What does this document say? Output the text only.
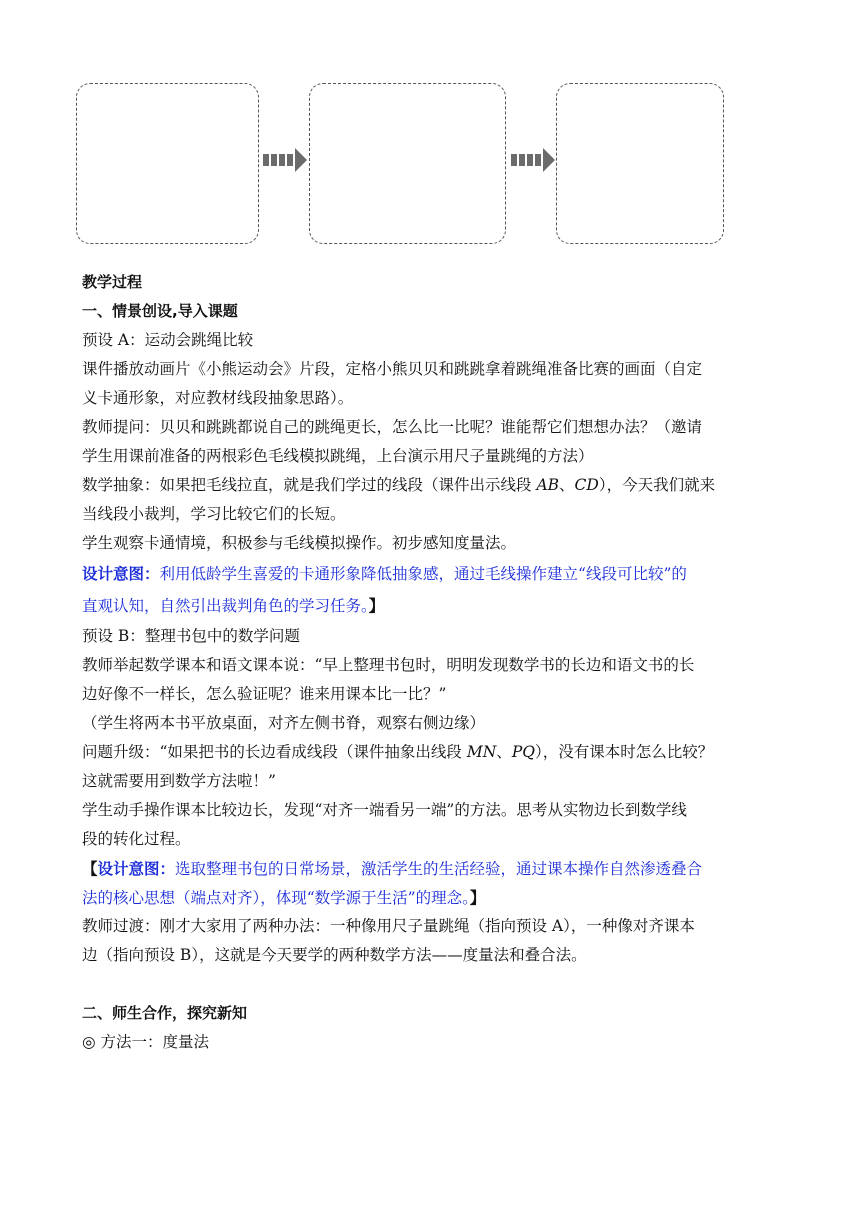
教学过程

一、情景创设,导入课题

预设 A：运动会跳绳比较

课件播放动画片《小熊运动会》片段，定格小熊贝贝和跳跳拿着跳绳准备比赛的画面（自定

义卡通形象，对应教材线段抽象思路）。

教师提问：贝贝和跳跳都说自己的跳绳更长，怎么比一比呢？谁能帮它们想想办法？（邀请

学生用课前准备的两根彩色毛线模拟跳绳，上台演示用尺子量跳绳的方法）

数学抽象：如果把毛线拉直，就是我们学过的线段（课件出示线段 AB、CD），今天我们就来

当线段小裁判，学习比较它们的长短。

学生观察卡通情境，积极参与毛线模拟操作。初步感知度量法。

设计意图：利用低龄学生喜爱的卡通形象降低抽象感，通过毛线操作建立“线段可比较”的

直观认知，自然引出裁判角色的学习任务。】

预设 B：整理书包中的数学问题

教师举起数学课本和语文课本说：“早上整理书包时，明明发现数学书的长边和语文书的长

边好像不一样长，怎么验证呢？谁来用课本比一比？”

（学生将两本书平放桌面，对齐左侧书脊，观察右侧边缘）

问题升级：“如果把书的长边看成线段（课件抽象出线段 MN、PQ），没有课本时怎么比较？

这就需要用到数学方法啦！”

学生动手操作课本比较边长，发现“对齐一端看另一端”的方法。思考从实物边长到数学线

段的转化过程。

【设计意图：选取整理书包的日常场景，激活学生的生活经验，通过课本操作自然渗透叠合

法的核心思想（端点对齐），体现“数学源于生活”的理念。】

教师过渡：刚才大家用了两种办法：一种像用尺子量跳绳（指向预设 A），一种像对齐课本

边（指向预设 B），这就是今天要学的两种数学方法——度量法和叠合法。

二、师生合作，探究新知

◎ 方法一：度量法
